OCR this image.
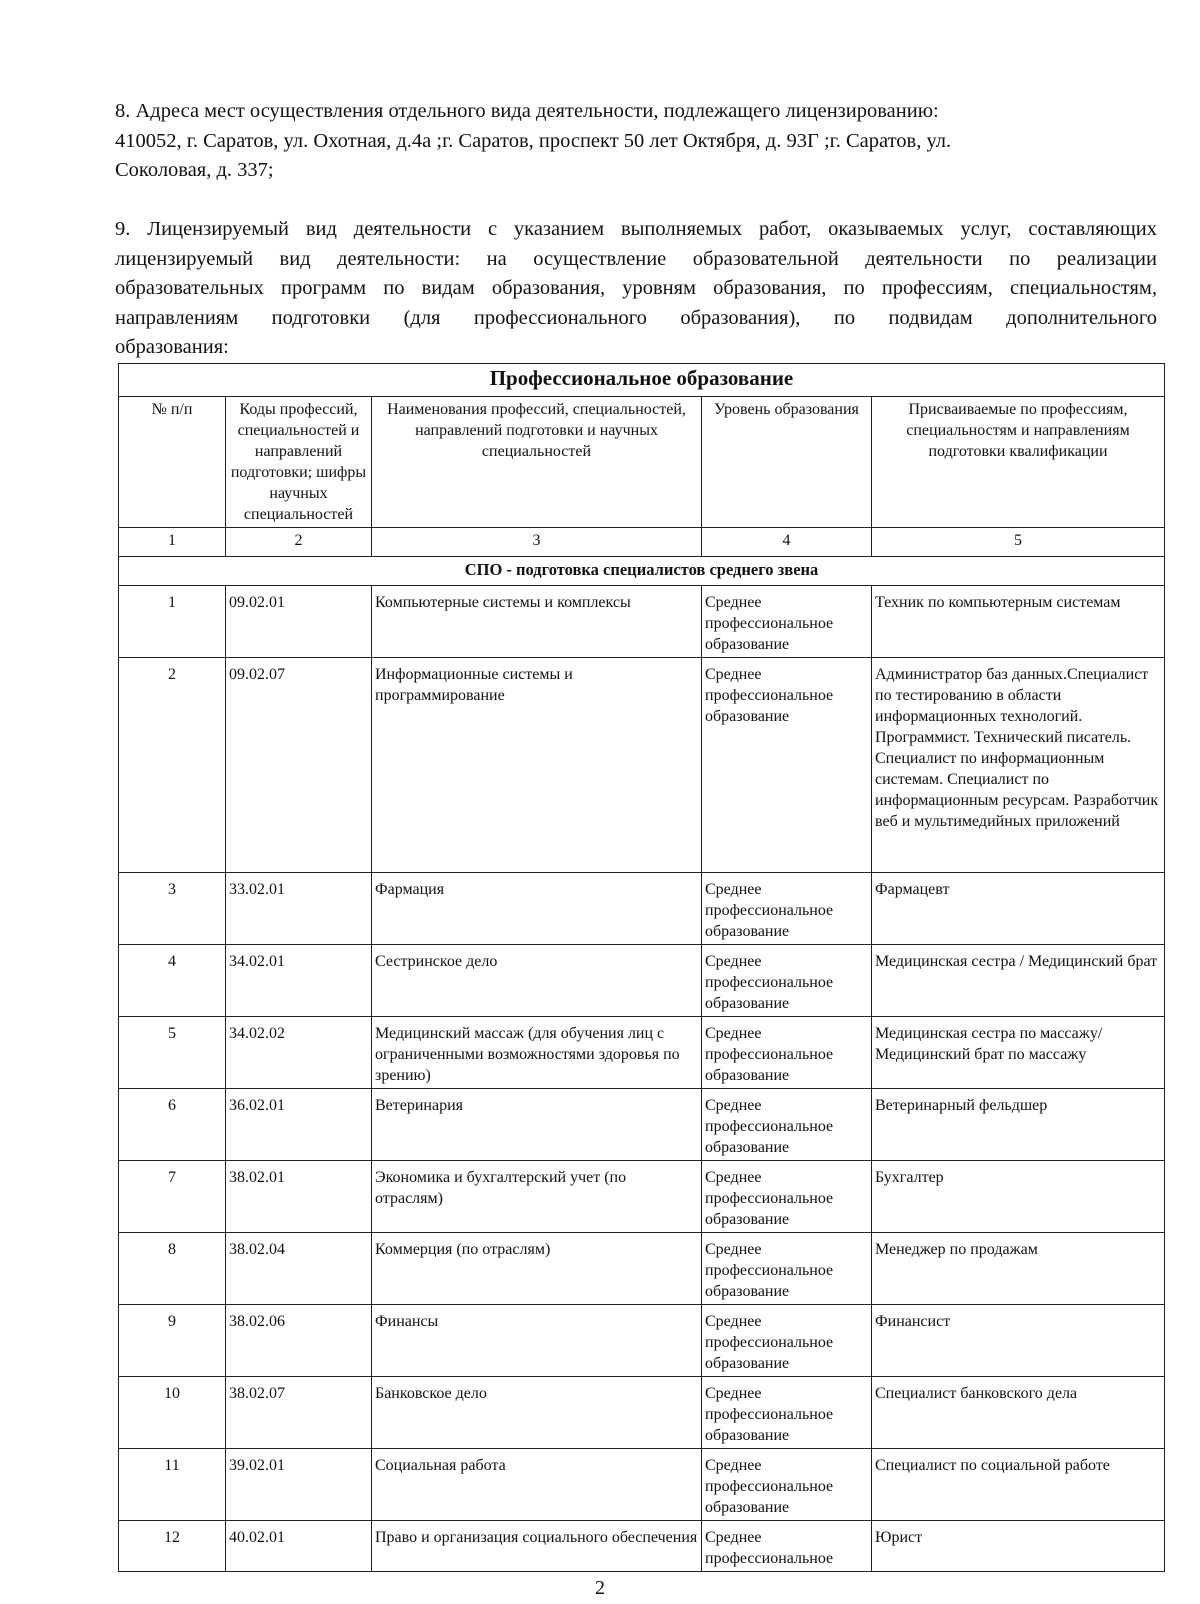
8. Адреса мест осуществления отдельного вида деятельности, подлежащего лицензированию:
410052, г. Саратов, ул. Охотная, д.4а ;г. Саратов, проспект 50 лет Октября, д. 93Г ;г. Саратов, ул.
Соколовая, д. 337;
9. Лицензируемый вид деятельности с указанием выполняемых работ, оказываемых услуг, составляющих
лицензируемый вид деятельности: на осуществление образовательной деятельности по реализации
образовательных программ по видам образования, уровням образования, по профессиям, специальностям,
направлениям подготовки (для профессионального образования), по подвидам дополнительного
образования:
Профессиональное образование				
№ п/п	Коды профессий, специальностей и направлений подготовки; шифры научных специальностей	Наименования профессий, специальностей, направлений подготовки и научных специальностей	Уровень образования	Присваиваемые по профессиям, специальностям и направлениям подготовки квалификации
1	2	3	4	5
СПО - подготовка специалистов среднего звена				
1	09.02.01	Компьютерные системы и комплексы	Среднее профессиональное образование	Техник по компьютерным системам
2	09.02.07	Информационные системы и программирование	Среднее профессиональное образование	Администратор баз данных.Специалист по тестированию в области информационных технологий. Программист. Технический писатель. Специалист по информационным системам. Специалист по информационным ресурсам. Разработчик веб и мультимедийных приложений
3	33.02.01	Фармация	Среднее профессиональное образование	Фармацевт
4	34.02.01	Сестринское дело	Среднее профессиональное образование	Медицинская сестра / Медицинский брат
5	34.02.02	Медицинский массаж (для обучения лиц с ограниченными возможностями здоровья по зрению)	Среднее профессиональное образование	Медицинская сестра по массажу/Медицинский брат по массажу
6	36.02.01	Ветеринария	Среднее профессиональное образование	Ветеринарный фельдшер
7	38.02.01	Экономика и бухгалтерский учет (по отраслям)	Среднее профессиональное образование	Бухгалтер
8	38.02.04	Коммерция (по отраслям)	Среднее профессиональное образование	Менеджер по продажам
9	38.02.06	Финансы	Среднее профессиональное образование	Финансист
10	38.02.07	Банковское дело	Среднее профессиональное образование	Специалист банковского дела
11	39.02.01	Социальная работа	Среднее профессиональное образование	Специалист по социальной работе
12	40.02.01	Право и организация социального обеспечения	Среднее профессиональное	Юрист
2
